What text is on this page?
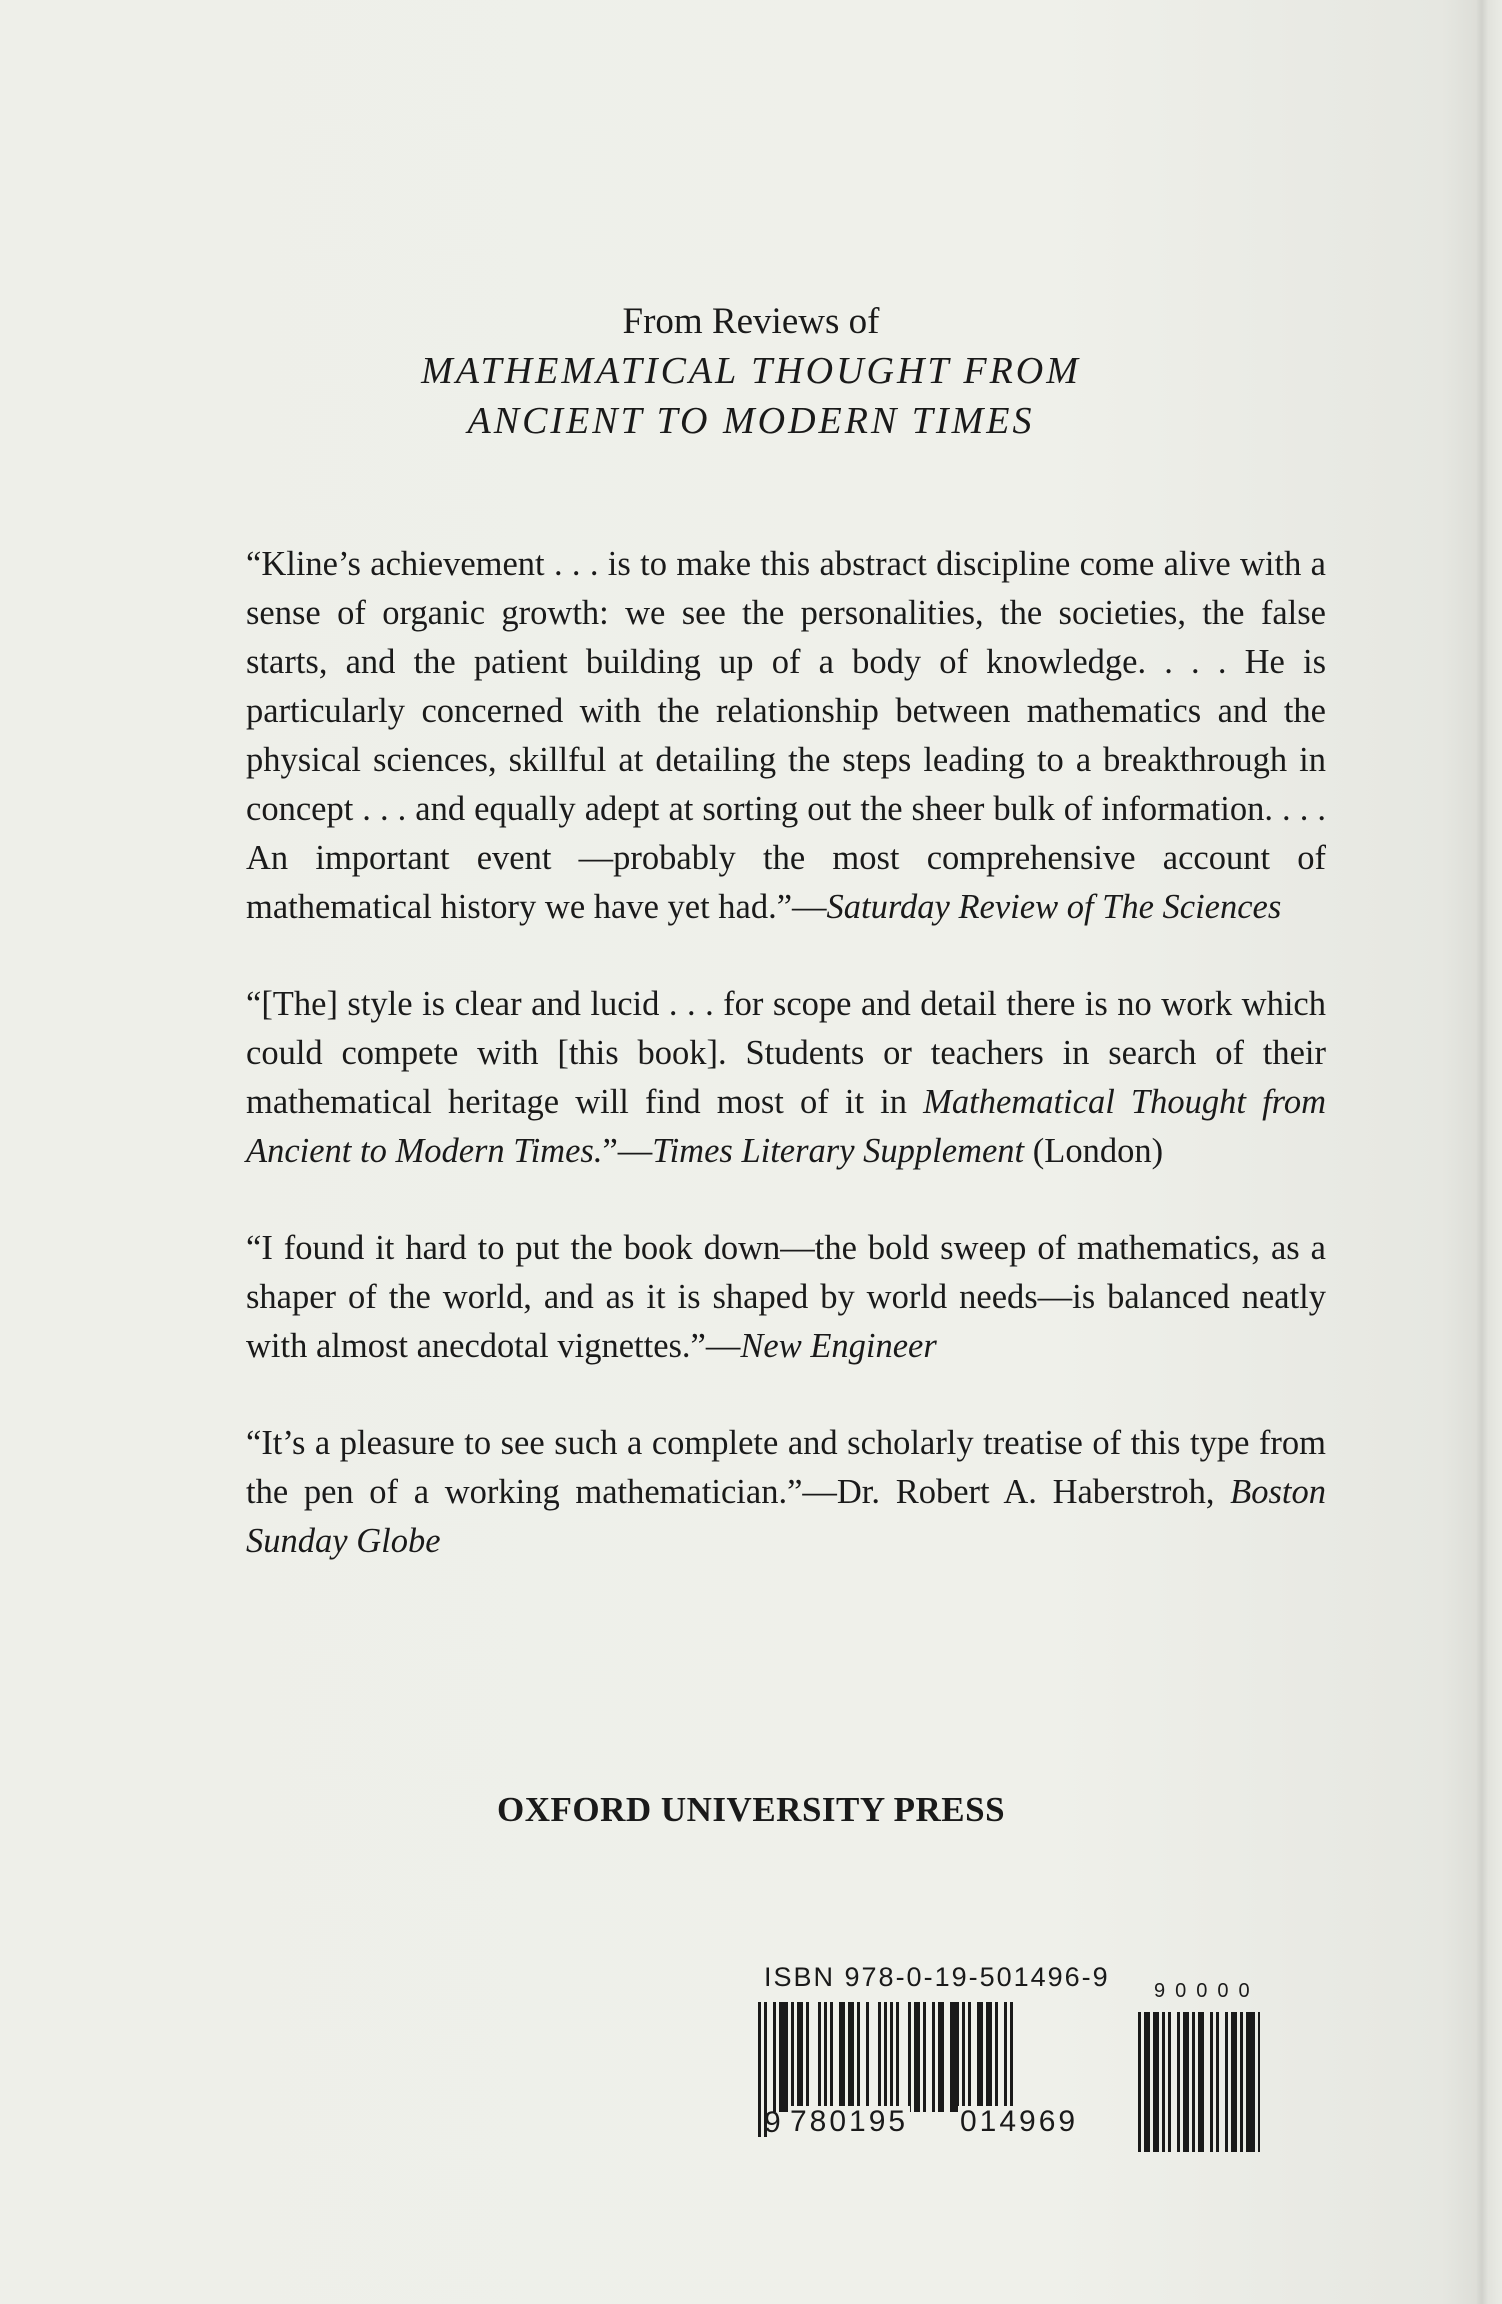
From Reviews of
MATHEMATICAL THOUGHT FROM
ANCIENT TO MODERN TIMES

“Kline’s achievement . . . is to make this abstract discipline come alive with a sense of organic growth: we see the personalities, the societies, the false starts, and the patient building up of a body of knowledge. . . . He is particularly concerned with the relationship between mathematics and the physical sciences, skillful at detailing the steps leading to a breakthrough in concept . . . and equally adept at sorting out the sheer bulk of information. . . . An important event —probably the most comprehensive account of mathematical history we have yet had.”—Saturday Review of The Sciences

“[The] style is clear and lucid . . . for scope and detail there is no work which could compete with [this book]. Students or teachers in search of their mathematical heritage will find most of it in Mathematical Thought from Ancient to Modern Times.”—Times Literary Supplement (London)

“I found it hard to put the book down—the bold sweep of mathematics, as a shaper of the world, and as it is shaped by world needs—is balanced neatly with almost anecdotal vignettes.”—New Engineer

“It’s a pleasure to see such a complete and scholarly treatise of this type from the pen of a working mathematician.”—Dr. Robert A. Haberstroh, Boston Sunday Globe

OXFORD UNIVERSITY PRESS
ISBN 978-0-19-501496-9 90000
9 780195 014969
